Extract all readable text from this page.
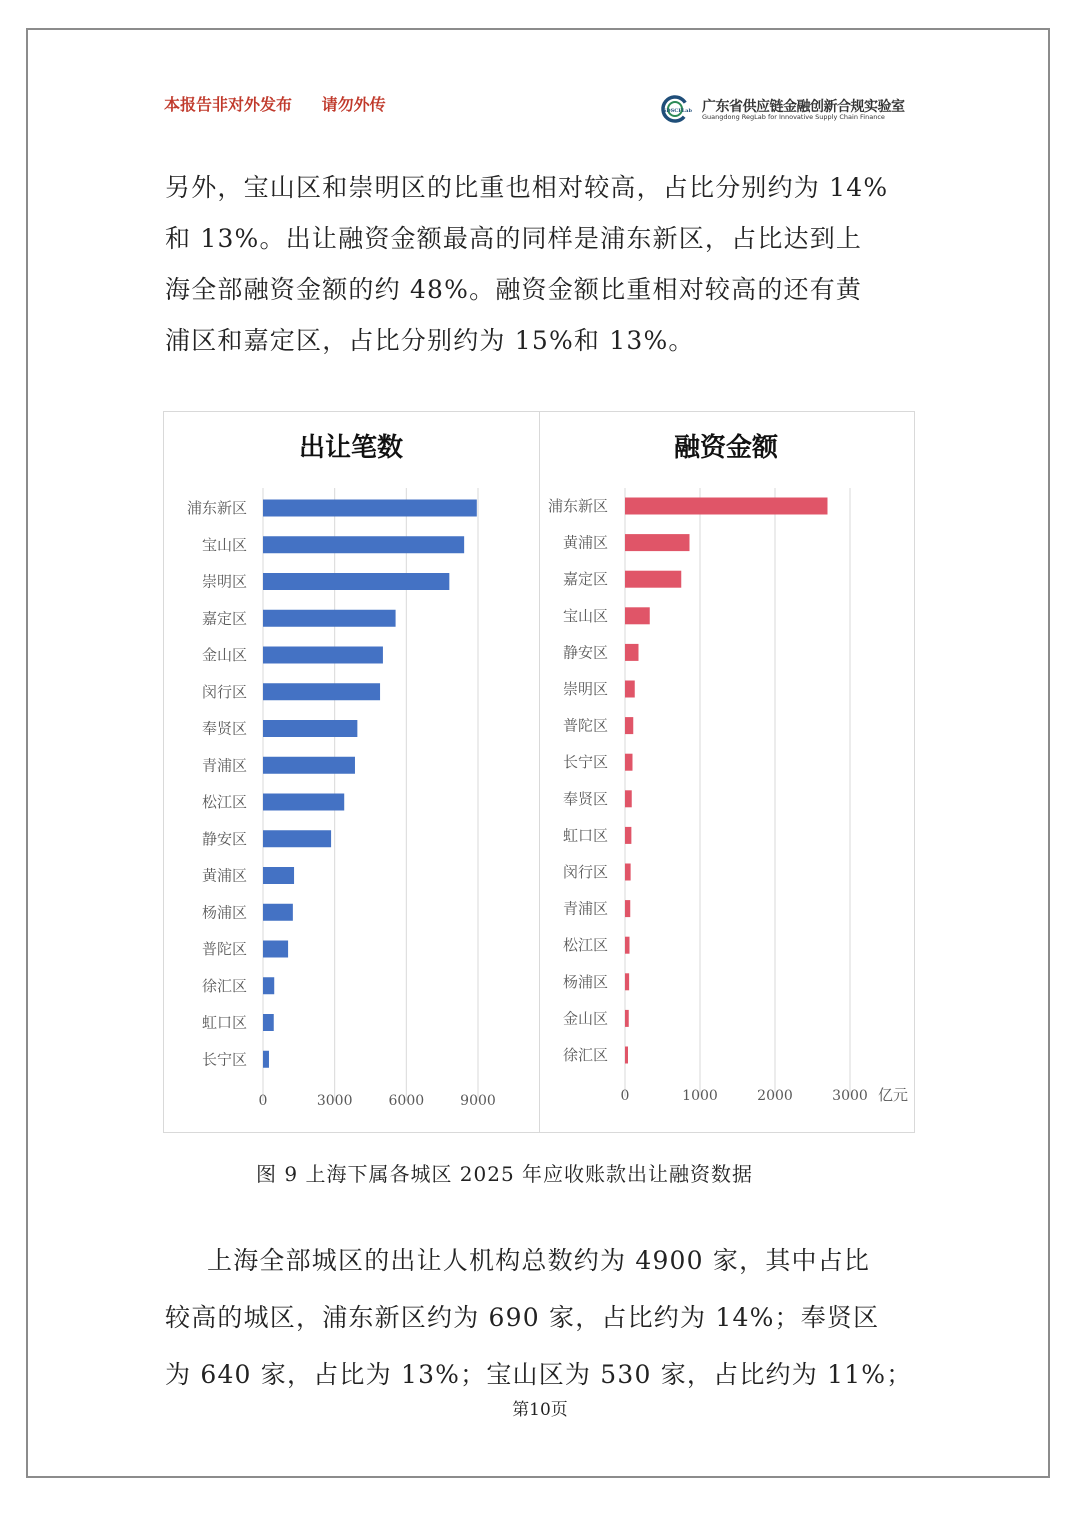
本报告非对外发布 请勿外传	GDSCFLab 广东省供应链金融创新合规实验室
Guangdong RegLab for Innovative Supply Chain Finance
另外，宝山区和崇明区的比重也相对较高，占比分别约为 14%
和 13%。出让融资金额最高的同样是浦东新区，占比达到上
海全部融资金额的约 48%。融资金额比重相对较高的还有黄
浦区和嘉定区，占比分别约为 15%和 13%。
出让笔数
0	3000	6000	9000
浦东新区
宝山区
崇明区
嘉定区
金山区
闵行区
奉贤区
青浦区
松江区
静安区
黄浦区
杨浦区
普陀区
徐汇区
虹口区
长宁区
融资金额
0	1000	2000	3000
浦东新区
黄浦区
嘉定区
宝山区
静安区
崇明区
普陀区
长宁区
奉贤区
虹口区
闵行区
青浦区
松江区
杨浦区
金山区
徐汇区
亿元
图 9 上海下属各城区 2025 年应收账款出让融资数据
上海全部城区的出让人机构总数约为 4900 家，其中占比
较高的城区，浦东新区约为 690 家，占比约为 14%；奉贤区
为 640 家，占比为 13%；宝山区为 530 家，占比约为 11%；
第10页
